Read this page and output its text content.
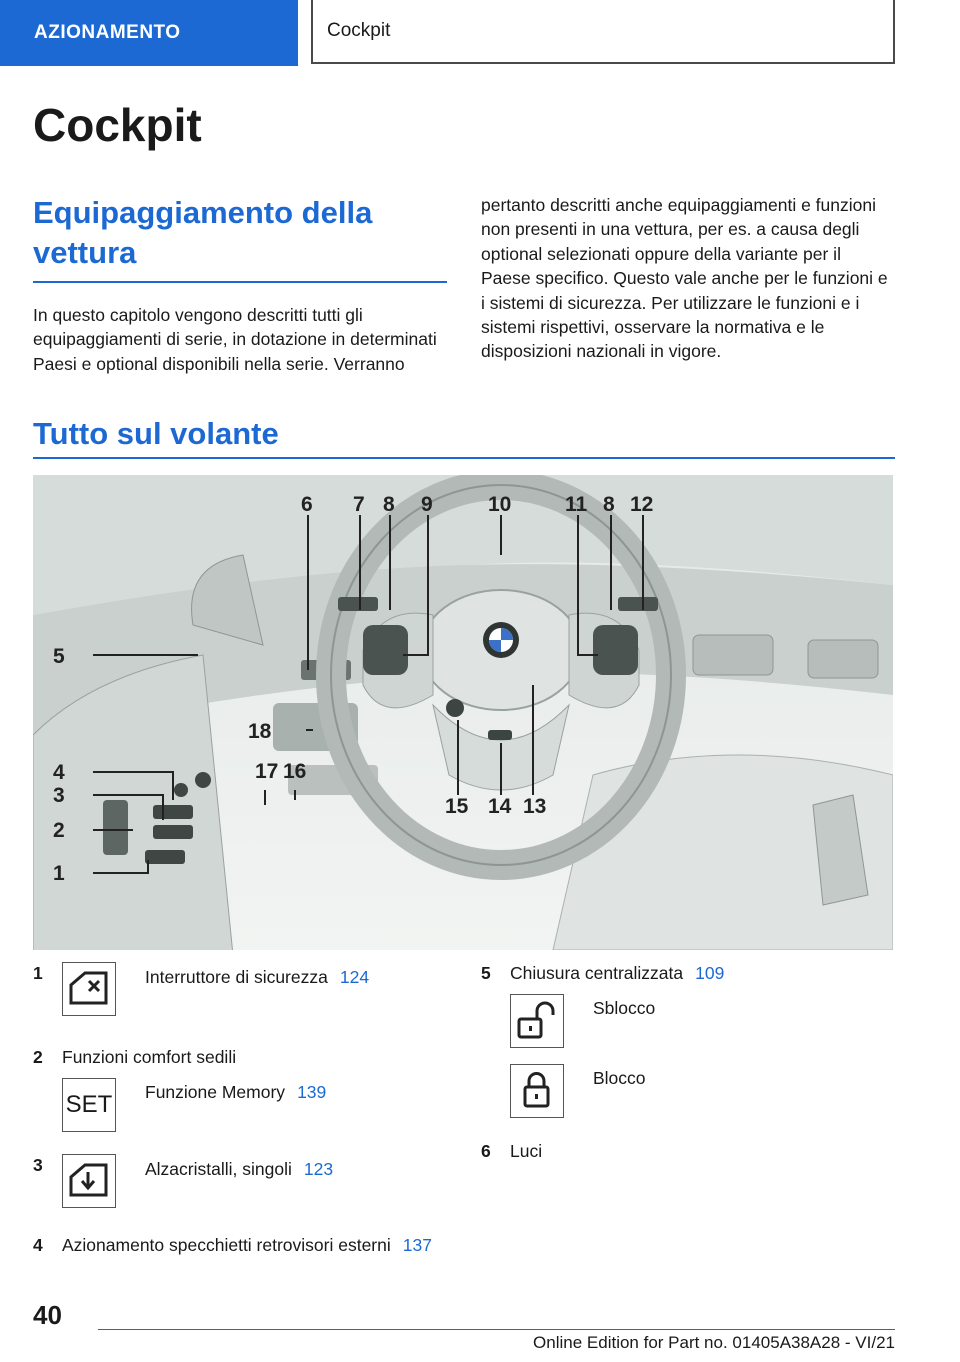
AZIONAMENTO	Cockpit
Cockpit
Equipaggiamento della vettura

In questo capitolo vengono descritti tutti gli equipaggiamenti di serie, in dotazione in determinati Paesi e optional disponibili nella serie. Verranno

pertanto descritti anche equipaggiamenti e funzioni non presenti in una vettura, per es. a causa degli optional selezionati oppure della variante per il Paese specifico. Questo vale anche per le funzioni e i sistemi di sicurezza. Per utilizzare le funzioni e i sistemi rispettivi, osservare la normativa e le disposizioni nazionali in vigore.

Tutto sul volante
1
2
3
4
5
6 7 8 9	10	11 8 12
13
14
15
16
17
18
1	Interruttore di sicurezza 124
2	Funzioni comfort sedili
SET Funzione Memory 139
3	Alzacristalli, singoli 123
4	Azionamento specchietti retrovisori esterni 137
5	Chiusura centralizzata 109
Sblocco
Blocco
6	Luci
40
Online Edition for Part no. 01405A38A28 - VI/21
